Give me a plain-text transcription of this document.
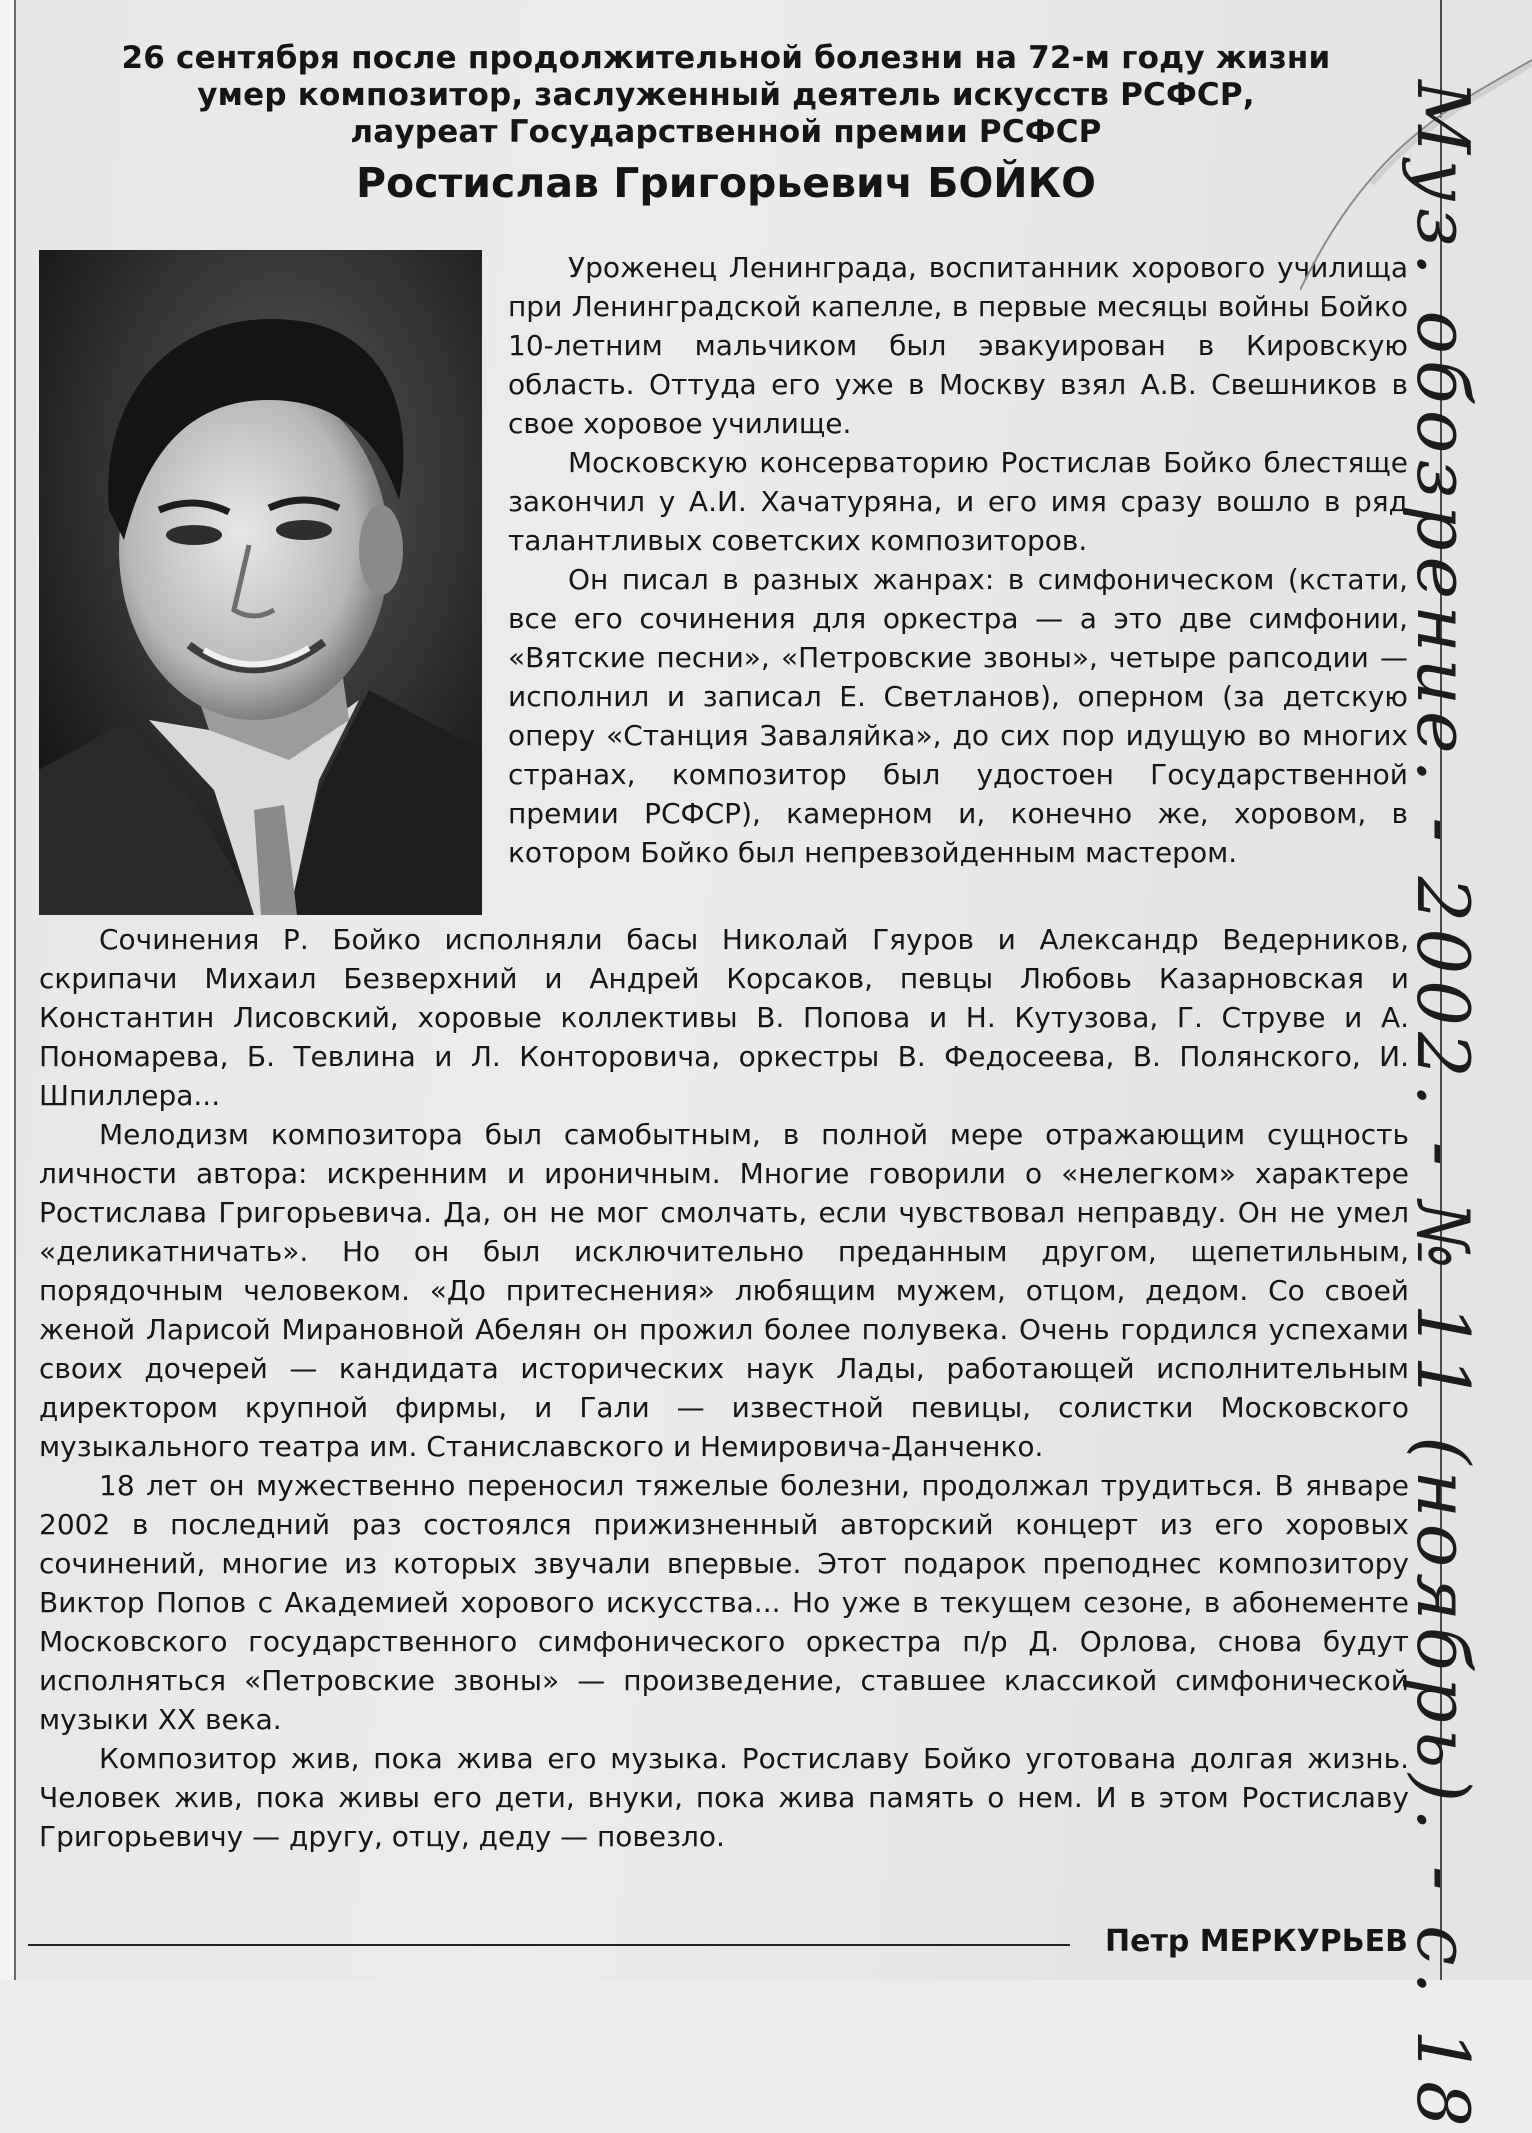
26 сентября после продолжительной болезни на 72-м году жизни

умер композитор, заслуженный деятель искусств РСФСР,

лауреат Государственной премии РСФСР

Ростислав Григорьевич БОЙКО

Уроженец Ленинграда, воспитанник хорового училища при Ленинградской капелле, в первые месяцы войны Бойко 10-летним мальчиком был эвакуирован в Кировскую область. Оттуда его уже в Москву взял А.В. Свешников в свое хоровое училище.

Московскую консерваторию Ростислав Бойко блестяще закончил у А.И. Хачатуряна, и его имя сразу вошло в ряд талантливых советских композиторов.

Он писал в разных жанрах: в симфоническом (кстати, все его сочинения для оркестра — а это две симфонии, «Вятские песни», «Петровские звоны», четыре рапсодии — исполнил и записал Е. Светланов), оперном (за детскую оперу «Станция Заваляйка», до сих пор идущую во многих странах, композитор был удостоен Государственной премии РСФСР), камерном и, конечно же, хоровом, в котором Бойко был непревзойденным мастером.

Сочинения Р. Бойко исполняли басы Николай Гяуров и Александр Ведерников, скрипачи Михаил Безверхний и Андрей Корсаков, певцы Любовь Казарновская и Константин Лисовский, хоровые коллективы В. Попова и Н. Кутузова, Г. Струве и А. Пономарева, Б. Тевлина и Л. Конторовича, оркестры В. Федосеева, В. Полянского, И. Шпиллера...

Мелодизм композитора был самобытным, в полной мере отражающим сущность личности автора: искренним и ироничным. Многие говорили о «нелегком» характере Ростислава Григорьевича. Да, он не мог смолчать, если чувствовал неправду. Он не умел «деликатничать». Но он был исключительно преданным другом, щепетильным, порядочным человеком. «До притеснения» любящим мужем, отцом, дедом. Со своей женой Ларисой Мирановной Абелян он прожил более полувека. Очень гордился успехами своих дочерей — кандидата исторических наук Лады, работающей исполнительным директором крупной фирмы, и Гали — известной певицы, солистки Московского музыкального театра им. Станиславского и Немировича-Данченко.

18 лет он мужественно переносил тяжелые болезни, продолжал трудиться. В январе 2002 в последний раз состоялся прижизненный авторский концерт из его хоровых сочинений, многие из которых звучали впервые. Этот подарок преподнес композитору Виктор Попов с Академией хорового искусства... Но уже в текущем сезоне, в абонементе Московского государственного симфонического оркестра п/р Д. Орлова, снова будут исполняться «Петровские звоны» — произведение, ставшее классикой симфонической музыки XX века.

Композитор жив, пока жива его музыка. Ростиславу Бойко уготована долгая жизнь. Человек жив, пока живы его дети, внуки, пока жива память о нем. И в этом Ростиславу Григорьевичу — другу, отцу, деду — повезло.

Петр МЕРКУРЬЕВ
Муз. обозрение. - 2002. - № 11 (ноябрь). - с. 18
